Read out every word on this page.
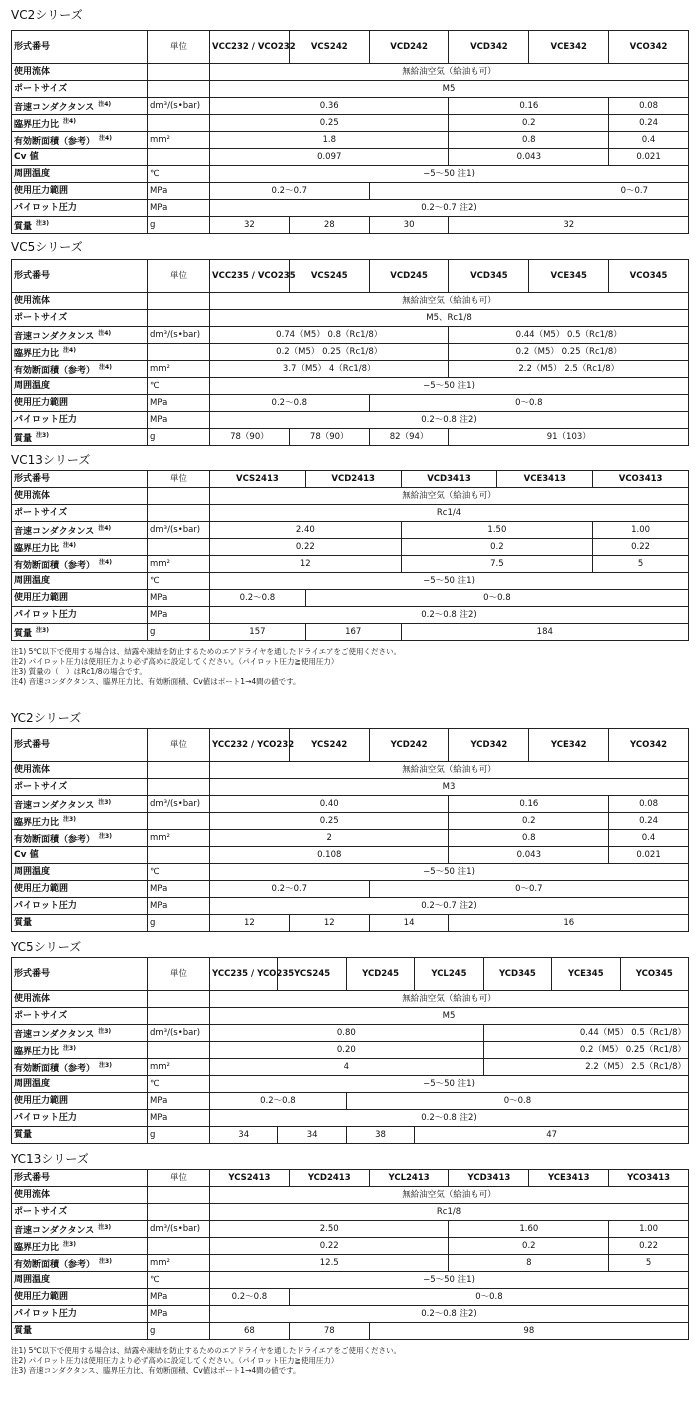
VC2シリーズ
形式番号	単位	VCC232 / VCO232	VCS242	VCD242	VCD342	VCE342	VCO342
使用流体		無給油空気（給油も可）					
ポートサイズ		M5					
音速コンダクタンス $^{注4)}$	dm³/(s•bar)	0.36			0.16		0.08
臨界圧力比 $^{注4)}$		0.25			0.2		0.24
有効断面積（参考） $^{注4)}$	mm²	1.8			0.8		0.4
Cv 値		0.097			0.043		0.021
周囲温度	℃	−5〜50 注1)					
使用圧力範囲	MPa	0.2〜0.7		0〜0.7			
パイロット圧力	MPa	0.2〜0.7 注2)					
質量 $^{注3)}$	g	32	28	30	32		
VC5シリーズ
形式番号	単位	VCC235 / VCO235	VCS245	VCD245	VCD345	VCE345	VCO345
使用流体		無給油空気（給油も可）					
ポートサイズ		M5、Rc1/8					
音速コンダクタンス $^{注4)}$	dm³/(s•bar)	0.74（M5） 0.8（Rc1/8）			0.44（M5） 0.5（Rc1/8）		
臨界圧力比 $^{注4)}$		0.2（M5） 0.25（Rc1/8）			0.2（M5） 0.25（Rc1/8）		
有効断面積（参考） $^{注4)}$	mm²	3.7（M5） 4（Rc1/8）			2.2（M5） 2.5（Rc1/8）		
周囲温度	℃	−5〜50 注1)					
使用圧力範囲	MPa	0.2〜0.8		0〜0.8			
パイロット圧力	MPa	0.2〜0.8 注2)					
質量 $^{注3)}$	g	78（90）	78（90）	82（94）	91（103）		
VC13シリーズ
形式番号	単位	VCS2413	VCD2413	VCD3413	VCE3413	VCO3413
使用流体		無給油空気（給油も可）				
ポートサイズ		Rc1/4				
音速コンダクタンス $^{注4)}$	dm³/(s•bar)	2.40		1.50		1.00
臨界圧力比 $^{注4)}$		0.22		0.2		0.22
有効断面積（参考） $^{注4)}$	mm²	12		7.5		5
周囲温度	℃	−5〜50 注1)				
使用圧力範囲	MPa	0.2〜0.8	0〜0.8			
パイロット圧力	MPa	0.2〜0.8 注2)				
質量 $^{注3)}$	g	157	167	184		
注1) 5℃以下で使用する場合は、結露や凍結を防止するためのエアドライヤを通したドライエアをご使用ください。
注2) パイロット圧力は使用圧力より必ず高めに設定してください。（パイロット圧力≧使用圧力）
注3) 質量の（　）はRc1/8の場合です。
注4) 音速コンダクタンス、臨界圧力比、有効断面積、Cv値はポート1→4間の値です。
YC2シリーズ
形式番号	単位	YCC232 / YCO232	YCS242	YCD242	YCD342	YCE342	YCO342
使用流体		無給油空気（給油も可）					
ポートサイズ		M3					
音速コンダクタンス $^{注3)}$	dm³/(s•bar)	0.40			0.16		0.08
臨界圧力比 $^{注3)}$		0.25			0.2		0.24
有効断面積（参考） $^{注3)}$	mm²	2			0.8		0.4
Cv 値		0.108			0.043		0.021
周囲温度	℃	−5〜50 注1)					
使用圧力範囲	MPa	0.2〜0.7		0〜0.7			
パイロット圧力	MPa	0.2〜0.7 注2)					
質量	g	12	12	14	16		
YC5シリーズ
形式番号	単位	YCC235 / YCO235	YCS245	YCD245	YCL245	YCD345	YCE345	YCO345
使用流体		無給油空気（給油も可）						
ポートサイズ		M5						
音速コンダクタンス $^{注3)}$	dm³/(s•bar)	0.80				0.44（M5） 0.5（Rc1/8）		
臨界圧力比 $^{注3)}$		0.20				0.2（M5） 0.25（Rc1/8）		
有効断面積（参考） $^{注3)}$	mm²	4				2.2（M5） 2.5（Rc1/8）		
周囲温度	℃	−5〜50 注1)						
使用圧力範囲	MPa	0.2〜0.8		0〜0.8				
パイロット圧力	MPa	0.2〜0.8 注2)						
質量	g	34	34	38	47			
YC13シリーズ
形式番号	単位	YCS2413	YCD2413	YCL2413	YCD3413	YCE3413	YCO3413
使用流体		無給油空気（給油も可）					
ポートサイズ		Rc1/8					
音速コンダクタンス $^{注3)}$	dm³/(s•bar)	2.50			1.60		1.00
臨界圧力比 $^{注3)}$		0.22			0.2		0.22
有効断面積（参考） $^{注3)}$	mm²	12.5			8		5
周囲温度	℃	−5〜50 注1)					
使用圧力範囲	MPa	0.2〜0.8	0〜0.8				
パイロット圧力	MPa	0.2〜0.8 注2)					
質量	g	68	78	98			
注1) 5℃以下で使用する場合は、結露や凍結を防止するためのエアドライヤを通したドライエアをご使用ください。
注2) パイロット圧力は使用圧力より必ず高めに設定してください。（パイロット圧力≧使用圧力）
注3) 音速コンダクタンス、臨界圧力比、有効断面積、Cv値はポート1→4間の値です。
